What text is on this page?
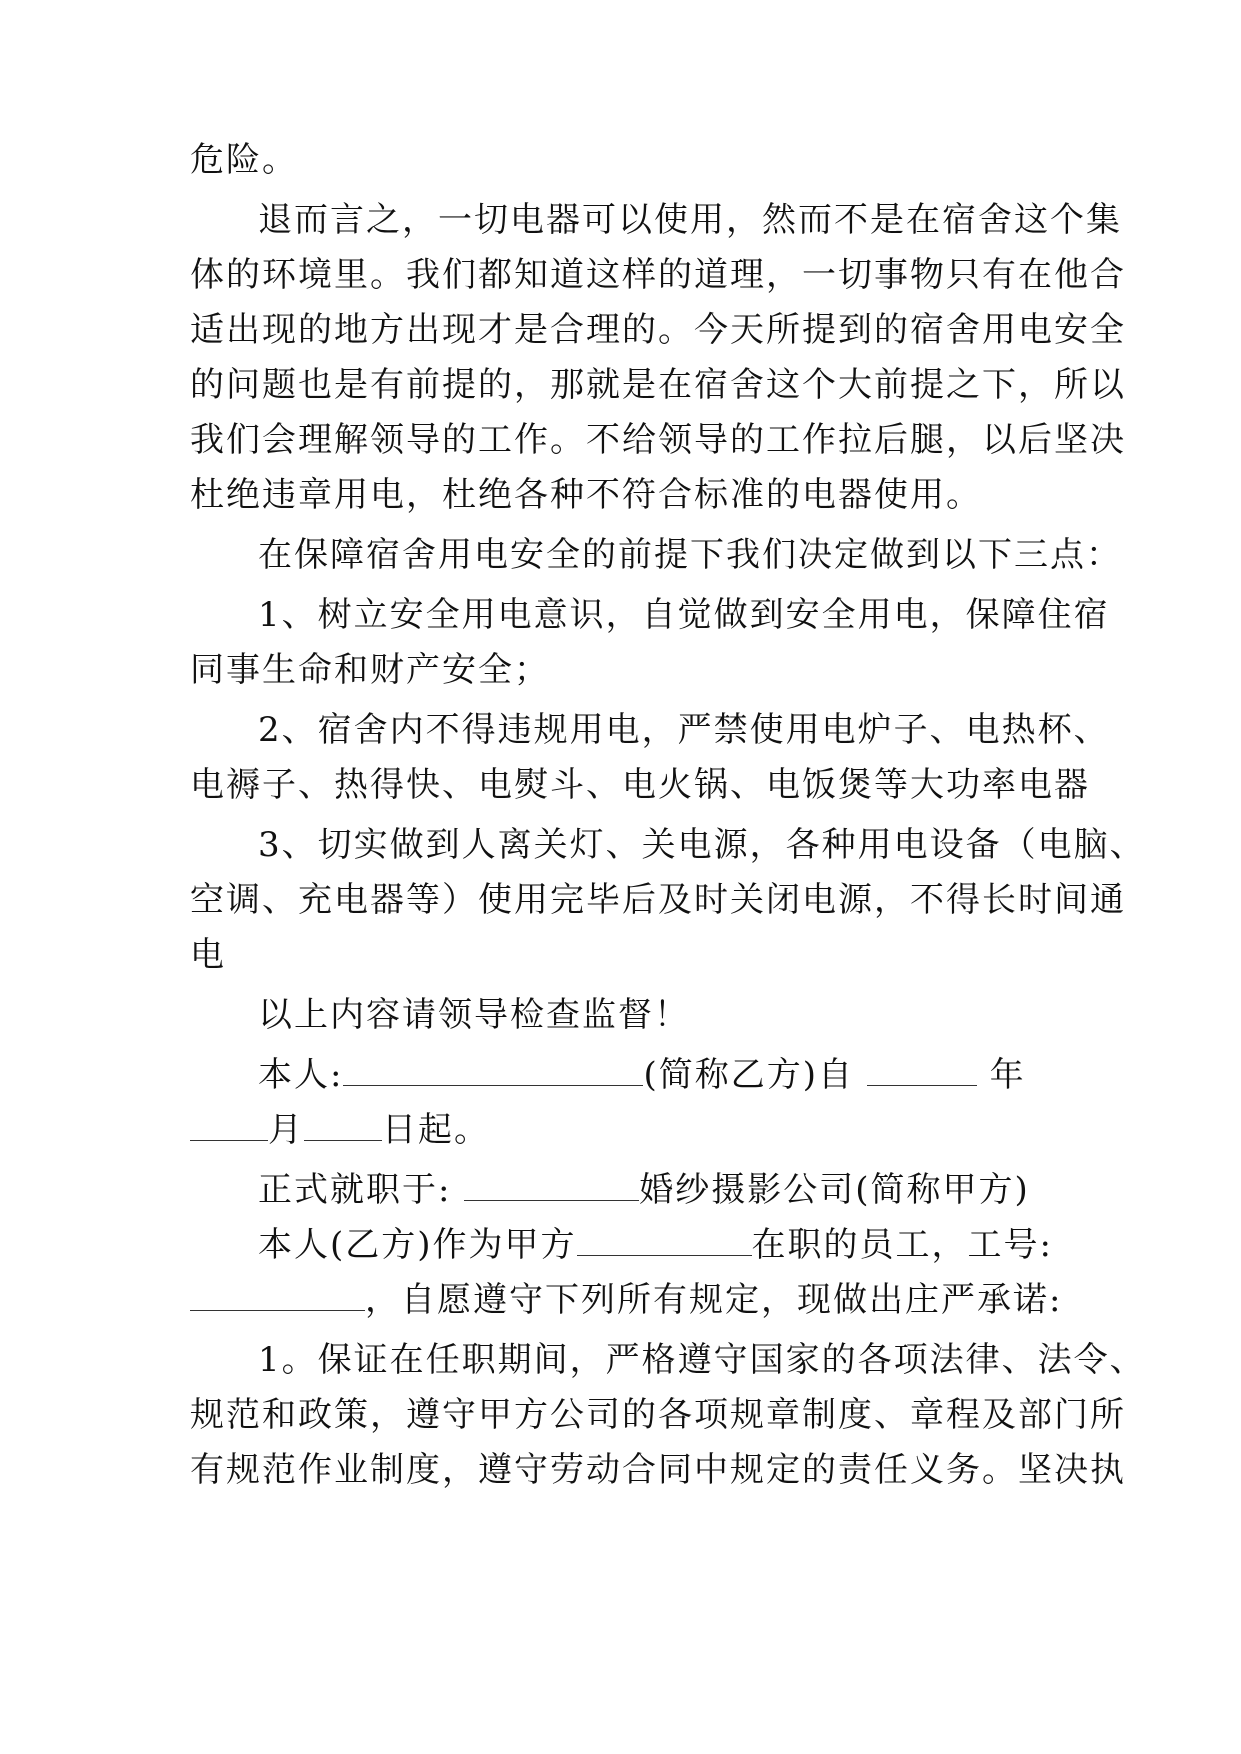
危险。
退而言之，一切电器可以使用，然而不是在宿舍这个集
体的环境里。我们都知道这样的道理，一切事物只有在他合
适出现的地方出现才是合理的。今天所提到的宿舍用电安全
的问题也是有前提的，那就是在宿舍这个大前提之下，所以
我们会理解领导的工作。不给领导的工作拉后腿，以后坚决
杜绝违章用电，杜绝各种不符合标准的电器使用。
在保障宿舍用电安全的前提下我们决定做到以下三点：
1、树立安全用电意识，自觉做到安全用电，保障住宿
同事生命和财产安全；
2、宿舍内不得违规用电，严禁使用电炉子、电热杯、
电褥子、热得快、电熨斗、电火锅、电饭煲等大功率电器
3、切实做到人离关灯、关电源，各种用电设备（电脑、
空调、充电器等）使用完毕后及时关闭电源，不得长时间通
电
以上内容请领导检查监督！
本人:	(简称乙方)自	年
月 日起。
正式就职于:	婚纱摄影公司(简称甲方)
本人(乙方)作为甲方	在职的员工，工号:
，自愿遵守下列所有规定，现做出庄严承诺:
1。保证在任职期间，严格遵守国家的各项法律、法令、
规范和政策，遵守甲方公司的各项规章制度、章程及部门所
有规范作业制度，遵守劳动合同中规定的责任义务。坚决执
